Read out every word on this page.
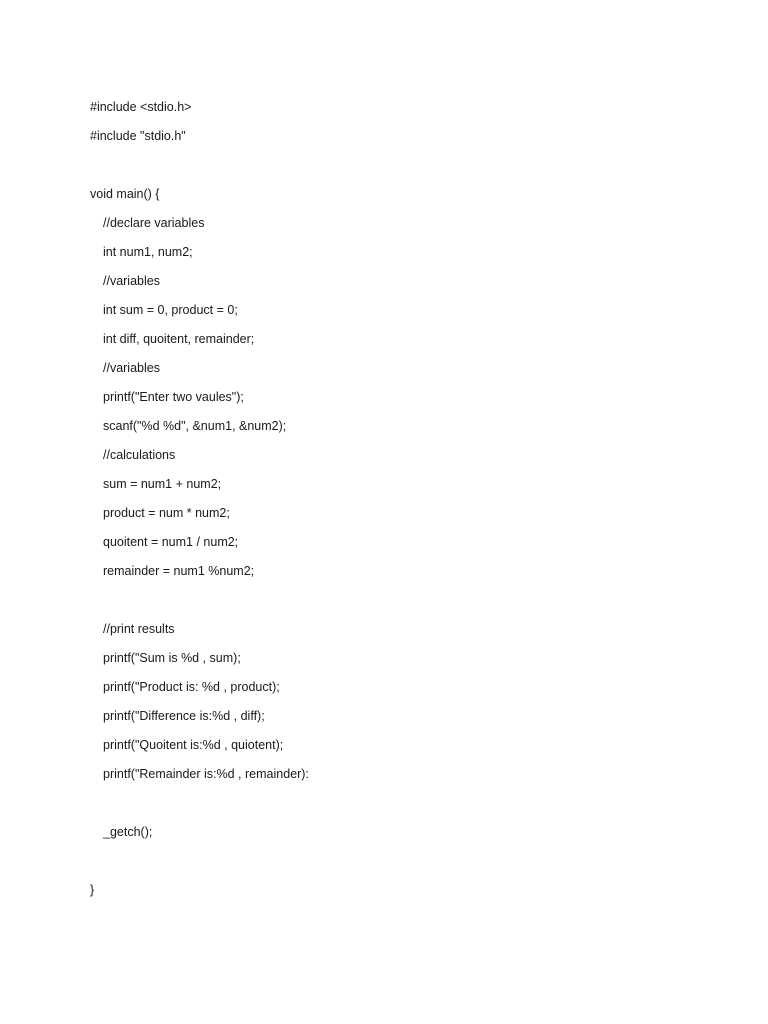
#include <stdio.h>
#include "stdio.h"
void main() {
//declare variables
int num1, num2;
//variables
int sum = 0, product = 0;
int diff, quoitent, remainder;
//variables
printf("Enter two vaules");
scanf("%d %d", &num1, &num2);
//calculations
sum = num1 + num2;
product = num * num2;
quoitent = num1 / num2;
remainder = num1 %num2;
//print results
printf("Sum is %d , sum);
printf("Product is: %d , product);
printf("Difference is:%d , diff);
printf("Quoitent is:%d , quiotent);
printf("Remainder is:%d , remainder):
_getch();
}
